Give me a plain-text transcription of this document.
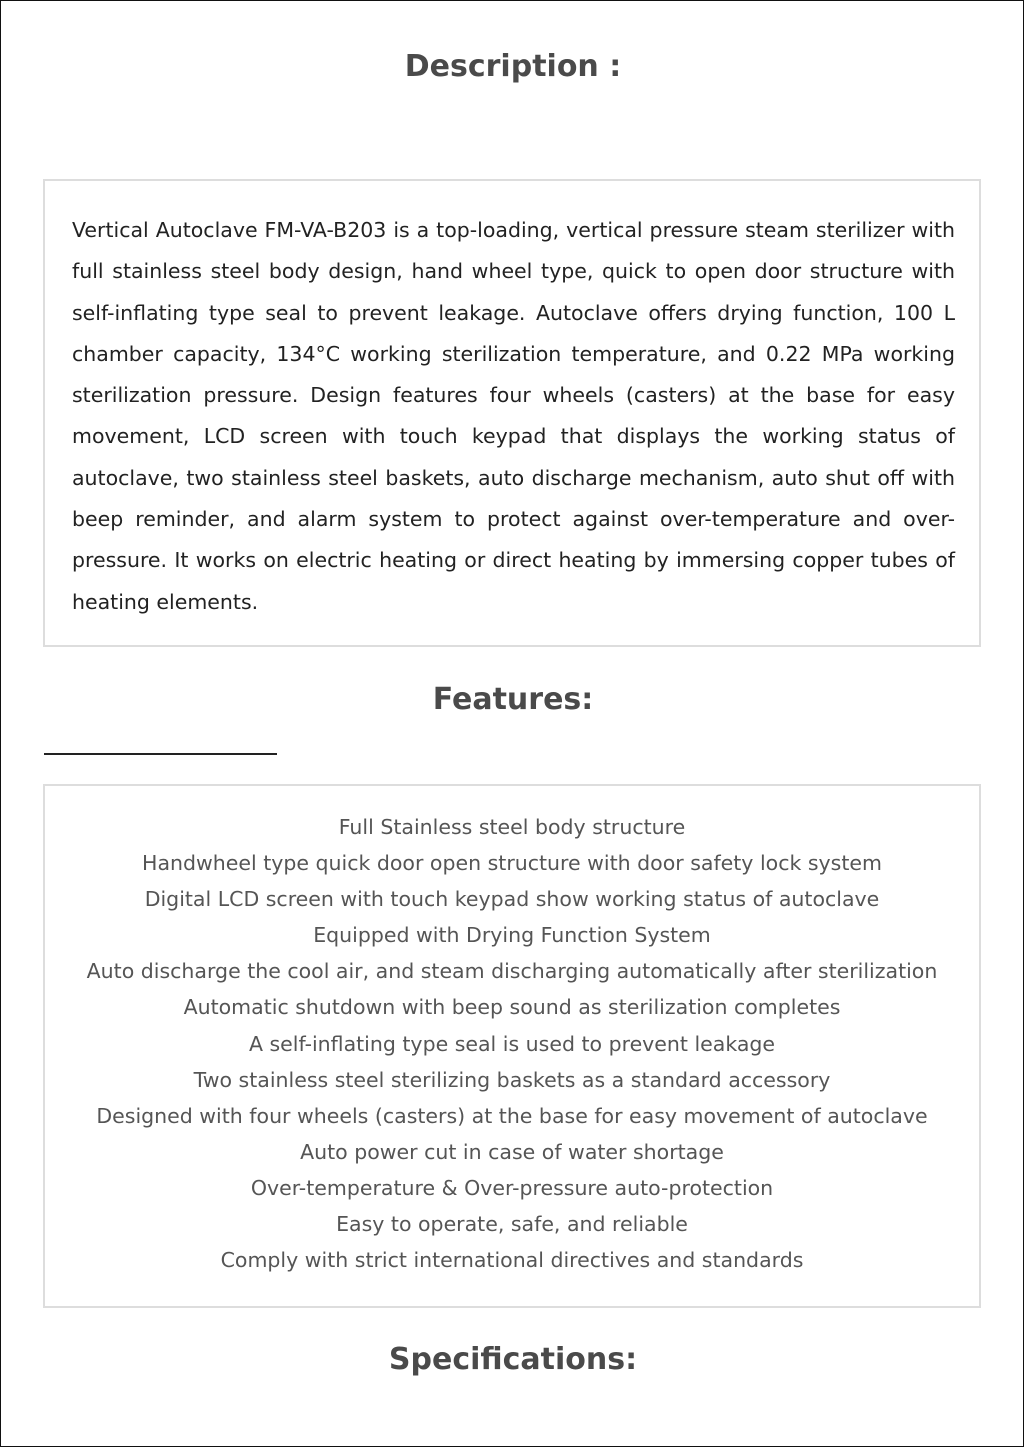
Description :

Vertical Autoclave FM-VA-B203 is a top-loading, vertical pressure steam sterilizer with full stainless steel body design, hand wheel type, quick to open door structure with self-inflating type seal to prevent leakage. Autoclave offers drying function, 100 L chamber capacity, 134°C working sterilization temperature, and 0.22 MPa working sterilization pressure. Design features four wheels (casters) at the base for easy movement, LCD screen with touch keypad that displays the working status of autoclave, two stainless steel baskets, auto discharge mechanism, auto shut off with beep reminder, and alarm system to protect against over-temperature and over-pressure. It works on electric heating or direct heating by immersing copper tubes of heating elements.

Features:
Full Stainless steel body structure
Handwheel type quick door open structure with door safety lock system
Digital LCD screen with touch keypad show working status of autoclave
Equipped with Drying Function System
Auto discharge the cool air, and steam discharging automatically after sterilization
Automatic shutdown with beep sound as sterilization completes
A self-inflating type seal is used to prevent leakage
Two stainless steel sterilizing baskets as a standard accessory
Designed with four wheels (casters) at the base for easy movement of autoclave
Auto power cut in case of water shortage
Over-temperature & Over-pressure auto-protection
Easy to operate, safe, and reliable
Comply with strict international directives and standards
Specifications:
